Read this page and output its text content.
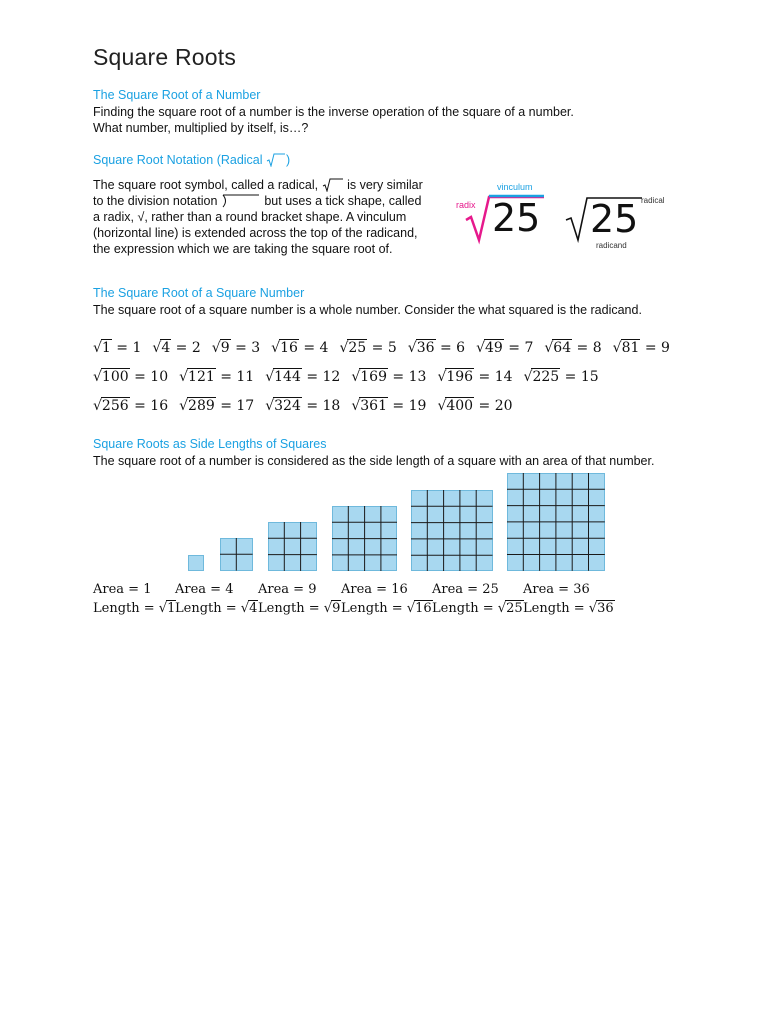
Square Roots
The Square Root of a Number
Finding the square root of a number is the inverse operation of the square of a number.
What number, multiplied by itself, is…?
Square Root Notation (Radical )
The square root symbol, called a radical, is very similar
to the division notation	but uses a tick shape, called
a radix, √, rather than a round bracket shape. A vinculum
(horizontal line) is extended across the top of the radicand,
the expression which we are taking the square root of.
vinculum
radix	radical
radicand
25 25
The Square Root of a Square Number
The square root of a square number is a whole number. Consider the what squared is the radicand.
√1 = 1 √4 = 2 √9 = 3 √16 = 4 √25 = 5 √36 = 6 √49 = 7 √64 = 8 √81 = 9
√100 = 10 √121 = 11 √144 = 12 √169 = 13 √196 = 14 √225 = 15
√256 = 16 √289 = 17 √324 = 18 √361 = 19 √400 = 20
Square Roots as Side Lengths of Squares
The square root of a number is considered as the side length of a square with an area of that number.
Area = 1
Length = √1
Area = 4
Length = √4
Area = 9
Length = √9
Area = 16
Length = √16
Area = 25
Length = √25
Area = 36
Length = √36
